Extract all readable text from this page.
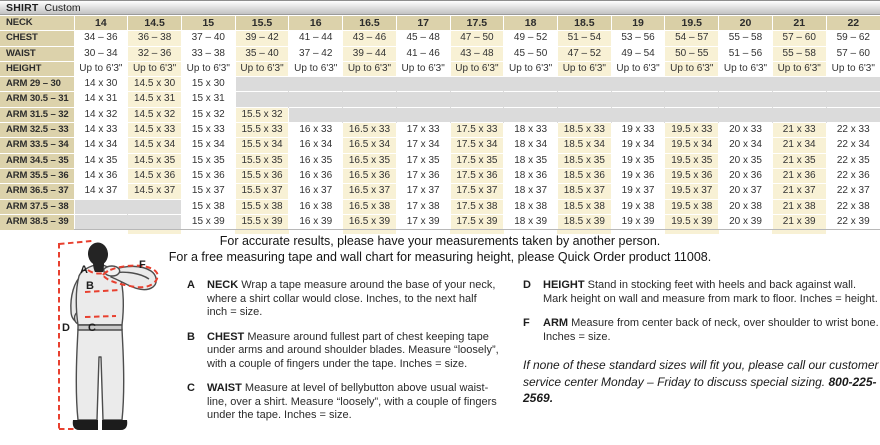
SHIRT Custom
NECK	14	14.5	15	15.5	16	16.5	17	17.5	18	18.5	19	19.5	20	21	22
CHEST	34 – 36	36 – 38	37 – 40	39 – 42	41 – 44	43 – 46	45 – 48	47 – 50	49 – 52	51 – 54	53 – 56	54 – 57	55 – 58	57 – 60	59 – 62
WAIST	30 – 34	32 – 36	33 – 38	35 – 40	37 – 42	39 – 44	41 – 46	43 – 48	45 – 50	47 – 52	49 – 54	50 – 55	51 – 56	55 – 58	57 – 60
HEIGHT	Up to 6'3"	Up to 6'3"	Up to 6'3"	Up to 6'3"	Up to 6'3"	Up to 6'3"	Up to 6'3"	Up to 6'3"	Up to 6'3"	Up to 6'3"	Up to 6'3"	Up to 6'3"	Up to 6'3"	Up to 6'3"	Up to 6'3"
ARM 29 – 30	14 x 30	14.5 x 30	15 x 30												
ARM 30.5 – 31	14 x 31	14.5 x 31	15 x 31												
ARM 31.5 – 32	14 x 32	14.5 x 32	15 x 32	15.5 x 32											
ARM 32.5 – 33	14 x 33	14.5 x 33	15 x 33	15.5 x 33	16 x 33	16.5 x 33	17 x 33	17.5 x 33	18 x 33	18.5 x 33	19 x 33	19.5 x 33	20 x 33	21 x 33	22 x 33
ARM 33.5 – 34	14 x 34	14.5 x 34	15 x 34	15.5 x 34	16 x 34	16.5 x 34	17 x 34	17.5 x 34	18 x 34	18.5 x 34	19 x 34	19.5 x 34	20 x 34	21 x 34	22 x 34
ARM 34.5 – 35	14 x 35	14.5 x 35	15 x 35	15.5 x 35	16 x 35	16.5 x 35	17 x 35	17.5 x 35	18 x 35	18.5 x 35	19 x 35	19.5 x 35	20 x 35	21 x 35	22 x 35
ARM 35.5 – 36	14 x 36	14.5 x 36	15 x 36	15.5 x 36	16 x 36	16.5 x 36	17 x 36	17.5 x 36	18 x 36	18.5 x 36	19 x 36	19.5 x 36	20 x 36	21 x 36	22 x 36
ARM 36.5 – 37	14 x 37	14.5 x 37	15 x 37	15.5 x 37	16 x 37	16.5 x 37	17 x 37	17.5 x 37	18 x 37	18.5 x 37	19 x 37	19.5 x 37	20 x 37	21 x 37	22 x 37
ARM 37.5 – 38			15 x 38	15.5 x 38	16 x 38	16.5 x 38	17 x 38	17.5 x 38	18 x 38	18.5 x 38	19 x 38	19.5 x 38	20 x 38	21 x 38	22 x 38
ARM 38.5 – 39			15 x 39	15.5 x 39	16 x 39	16.5 x 39	17 x 39	17.5 x 39	18 x 39	18.5 x 39	19 x 39	19.5 x 39	20 x 39	21 x 39	22 x 39

A
B
C
D
F
For accurate results, please have your measurements taken by another person.
For a free measuring tape and wall chart for measuring height, please Quick Order product 11008.
A	NECK Wrap a tape measure around the base of your neck, where a shirt collar would close. Inches, to the next half inch = size.
B	CHEST Measure around fullest part of chest keeping tape under arms and around shoulder blades. Measure “loosely”, with a couple of fingers under the tape. Inches = size.
C	WAIST Measure at level of bellybutton above usual waist-line, over a shirt. Measure “loosely”, with a couple of fingers under the tape. Inches = size.
D	HEIGHT Stand in stocking feet with heels and back against wall. Mark height on wall and measure from mark to floor. Inches = height.
F	ARM Measure from center back of neck, over shoulder to wrist bone. Inches = size.
If none of these standard sizes will fit you, please call our customer service center Monday – Friday to discuss special sizing. 800-225-2569.
